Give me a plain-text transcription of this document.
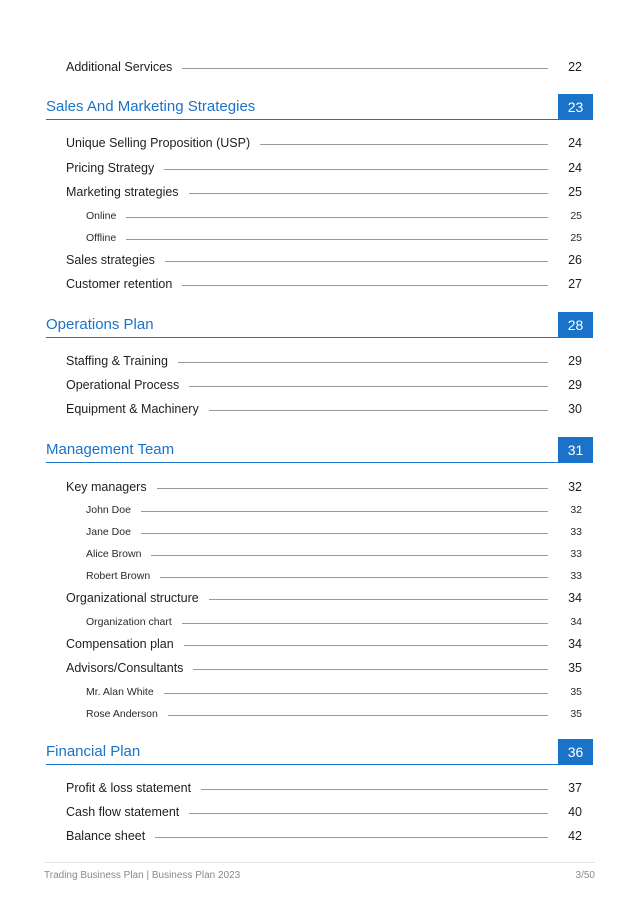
Additional Services	22
Sales And Marketing Strategies	23
Unique Selling Proposition (USP)	24
Pricing Strategy	24
Marketing strategies	25
Online	25
Offline	25
Sales strategies	26
Customer retention	27
Operations Plan	28
Staffing & Training	29
Operational Process	29
Equipment & Machinery	30
Management Team	31
Key managers	32
John Doe	32
Jane Doe	33
Alice Brown	33
Robert Brown	33
Organizational structure	34
Organization chart	34
Compensation plan	34
Advisors/Consultants	35
Mr. Alan White	35
Rose Anderson	35
Financial Plan	36
Profit & loss statement	37
Cash flow statement	40
Balance sheet	42
Trading Business Plan | Business Plan 2023	3/50
